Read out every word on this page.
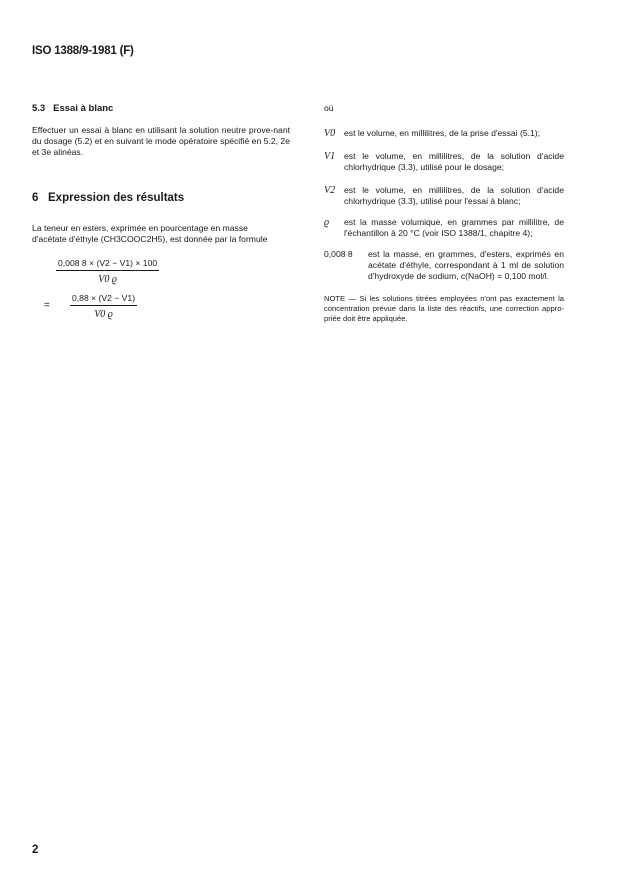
ISO 1388/9-1981 (F)
5.3 Essai à blanc
Effectuer un essai à blanc en utilisant la solution neutre prove-nant du dosage (5.2) et en suivant le mode opératoire spécifié en 5.2, 2e et 3e alinéas.
6 Expression des résultats
La teneur en esters, exprimée en pourcentage en masse
d'acétate d'éthyle (CH3COOC2H5), est donnée par la formule
0,008 8 × (V2 − V1) × 100
V0 ϱ
=
0,88 × (V2 − V1)
V0 ϱ
où
V0	est le volume, en millilitres, de la prise d'essai (5.1);
V1	est le volume, en millilitres, de la solution d'acide chlorhydrique (3.3), utilisé pour le dosage;
V2	est le volume, en millilitres, de la solution d'acide chlorhydrique (3.3), utilisé pour l'essai à blanc;
ϱ	est la masse volumique, en grammes par millilitre, de l'échantillon à 20 °C (voir ISO 1388/1, chapitre 4);
0,008 8	est la masse, en grammes, d'esters, exprimés en acétate d'éthyle, correspondant à 1 ml de solution d'hydroxyde de sodium, c(NaOH) = 0,100 mol/l.
NOTE — Si les solutions titrées employées n'ont pas exactement la concentration prévue dans la liste des réactifs, une correction appro-priée doit être appliquée.
2
